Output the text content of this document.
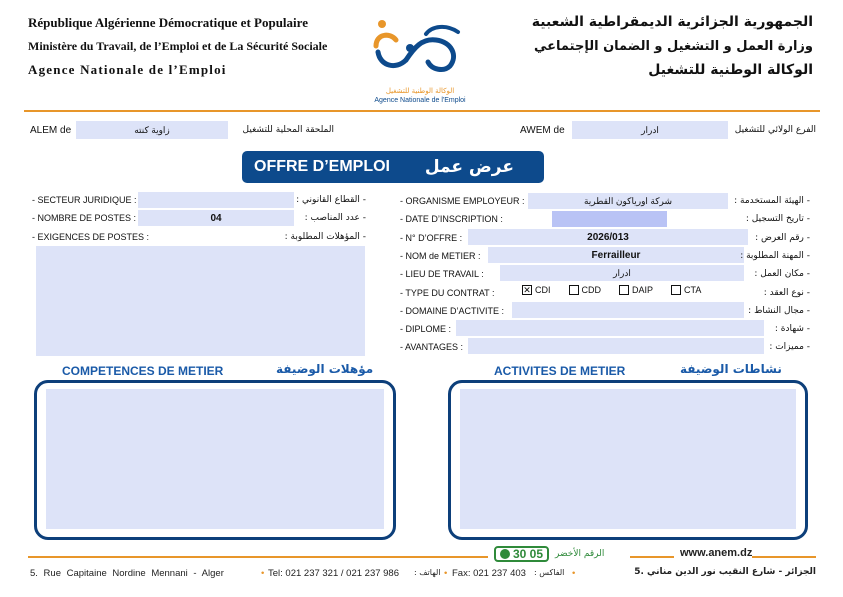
République Algérienne Démocratique et Populaire
Ministère du Travail, de l’Emploi et de La Sécurité Sociale
Agence Nationale de l’Emploi
الوكالة الوطنية للتشغيل
Agence Nationale de l'Emploi
الجمهورية الجزائرية الديمقراطية الشعبية
وزارة العمل و التشغيل و الضمان الإجتماعي
الوكالة الوطنية للتشغيل
ALEM de	زاوية كنته	الملحقة المحلية للتشغيل	AWEM de	ادرار	الفرع الولائي للتشغيل
OFFRE D’EMPLOI عرض عمل
- SECTEUR JURIDIQUE :	- القطاع القانوني :
- NOMBRE DE POSTES :	04	- عدد المناصب :
- EXIGENCES DE POSTES :	- المؤهلات المطلوبة :
- ORGANISME EMPLOYEUR :	شركة اورياكون القطرية	- الهيئة المستخدمة :
- DATE D’INSCRIPTION :	- تاريخ التسجيل :
- N° D’OFFRE :	2026/013	- رقم العرض :
- NOM de METIER :	Ferrailleur	- المهنة المطلوبة :
- LIEU DE TRAVAIL :	ادرار	- مكان العمل :
- TYPE DU CONTRAT :	✕ CDI	CDD	DAIP	CTA	- نوع العقد :
- DOMAINE D’ACTIVITE :	- مجال النشاط :
- DIPLOME :	- شهادة :
- AVANTAGES :	- مميزات :
COMPETENCES DE METIER	مؤهلات الوضيفة	ACTIVITES DE METIER	نشاطات الوضيفة
30 05 الرقم الأخضر	www.anem.dz
5. Rue Capitaine Nordine Mennani - Alger	• Tel: 021 237 321 / 021 237 986 : الهاتف • Fax: 021 237 403 : الفاكس •	الجزائر - شارع النقيب نور الدين مناني .5
